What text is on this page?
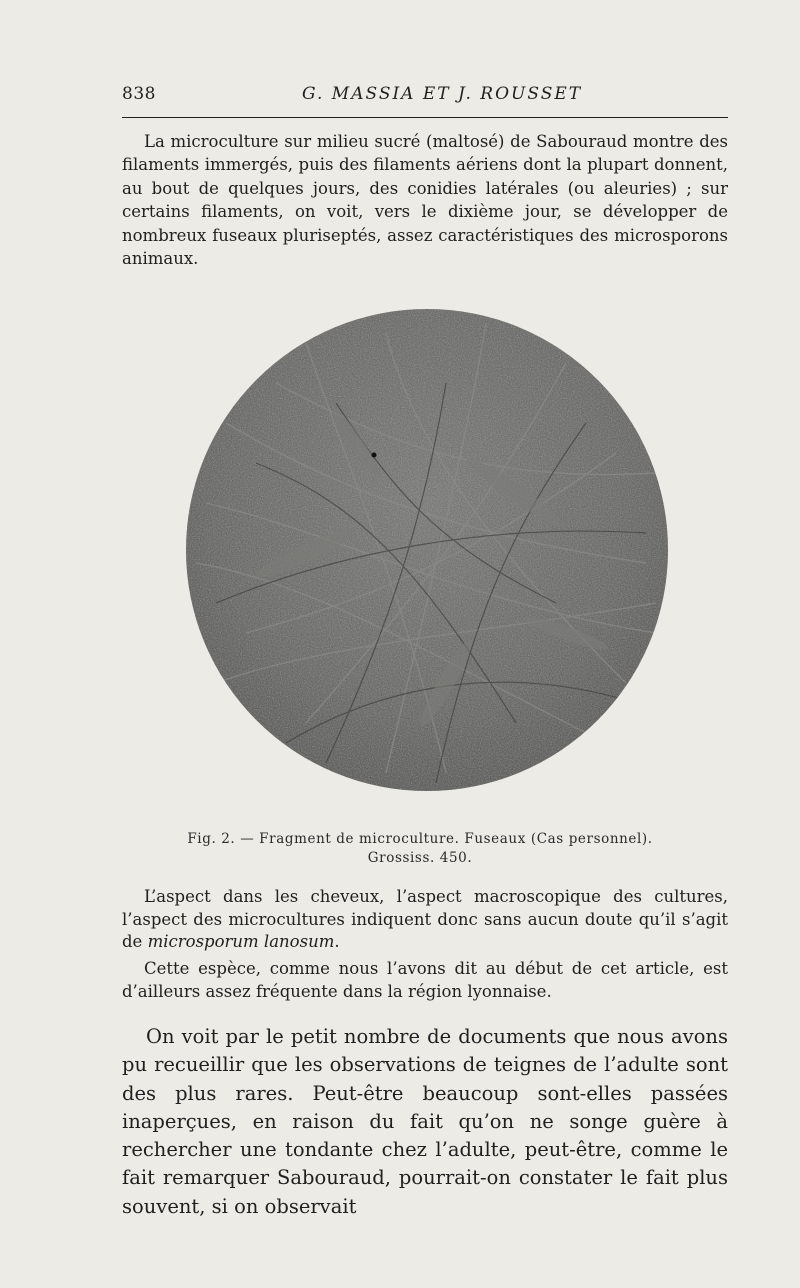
838	G. MASSIA ET J. ROUSSET

La microculture sur milieu sucré (maltosé) de Sabouraud montre des filaments immergés, puis des filaments aériens dont la plupart donnent, au bout de quelques jours, des conidies latérales (ou aleuries) ; sur certains filaments, on voit, vers le dixième jour, se développer de nombreux fuseaux pluriseptés, assez caractéristiques des microsporons animaux.

Fig. 2. — Fragment de microculture. Fuseaux (Cas personnel).
Grossiss. 450.

L’aspect dans les cheveux, l’aspect macroscopique des cultures, l’aspect des microcultures indiquent donc sans aucun doute qu’il s’agit de microsporum lanosum.

Cette espèce, comme nous l’avons dit au début de cet article, est d’ailleurs assez fréquente dans la région lyonnaise.

On voit par le petit nombre de documents que nous avons pu recueillir que les observations de teignes de l’adulte sont des plus rares. Peut-être beaucoup sont-elles passées inaperçues, en raison du fait qu’on ne songe guère à rechercher une tondante chez l’adulte, peut-être, comme le fait remarquer Sabouraud, pourrait-on constater le fait plus souvent, si on observait
